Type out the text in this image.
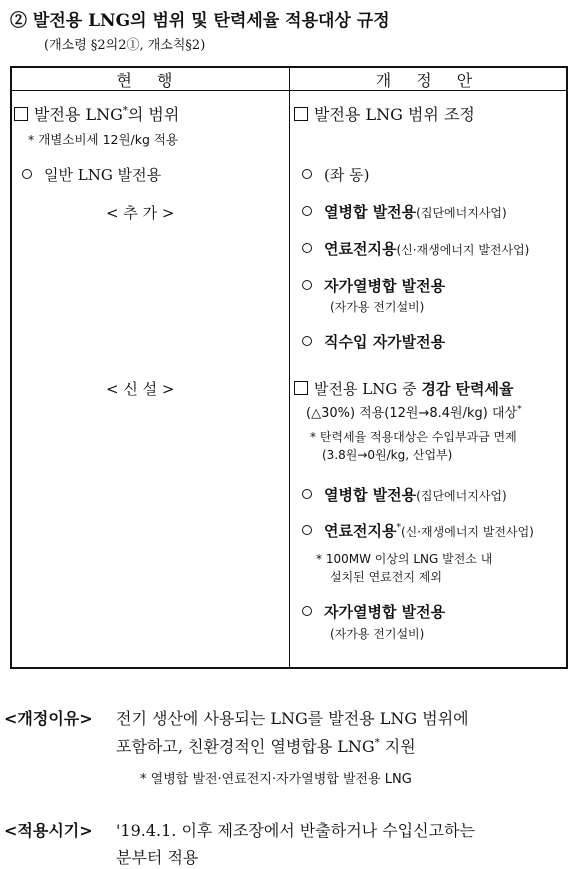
② 발전용 LNG의 범위 및 탄력세율 적용대상 규정
(개소령 §2의2①, 개소칙§2)
현 행	개 정 안
발전용 LNG*의 범위
* 개별소비세 12원/kg 적용
일반 LNG 발전용
< 추 가 >
< 신 설 >
발전용 LNG 범위 조정
(좌 동)
열병합 발전용(집단에너지사업)
연료전지용(신·재생에너지 발전사업)
자가열병합 발전용
(자가용 전기설비)
직수입 자가발전용
발전용 LNG 중 경감 탄력세율
(△30%) 적용(12원→8.4원/kg) 대상*
* 탄력세율 적용대상은 수입부과금 면제
(3.8원→0원/kg, 산업부)
열병합 발전용(집단에너지사업)
연료전지용*(신·재생에너지 발전사업)
* 100MW 이상의 LNG 발전소 내
설치된 연료전지 제외
자가열병합 발전용
(자가용 전기설비)
<개정이유> 전기 생산에 사용되는 LNG를 발전용 LNG 범위에
포함하고, 친환경적인 열병합용 LNG* 지원
* 열병합 발전·연료전지·자가열병합 발전용 LNG
<적용시기> '19.4.1. 이후 제조장에서 반출하거나 수입신고하는
분부터 적용
